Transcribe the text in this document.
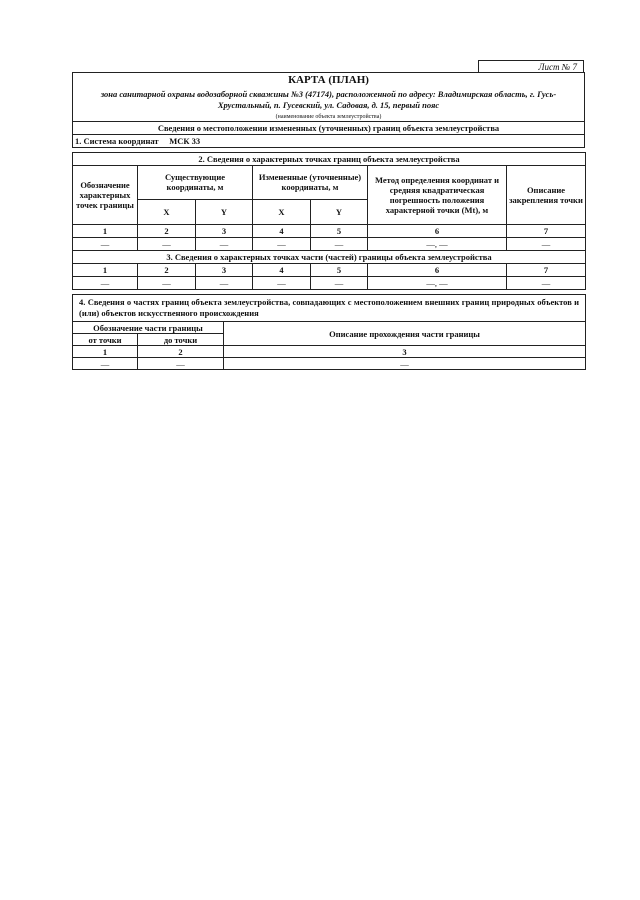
Лист № 7
КАРТА (ПЛАН)
зона санитарной охраны водозаборной скважины №3 (47174), расположенной по адресу: Владимирская область, г. Гусь-Хрустальный, п. Гусевский, ул. Садовая, д. 15, первый пояс
(наименование объекта землеустройства)

Сведения о местоположении измененных (уточненных) границ объекта землеустройства
1. Система координат МСК 33
2. Сведения о характерных точках границ объекта землеустройства						
Обозначение характерных точек границы	Существующие координаты, м		Измененные (уточненные) координаты, м		Метод определения координат и средняя квадратическая погрешность положения характерной точки (Mt), м	Описание закрепления точки
	X	Y	X	Y		
1	2	3	4	5	6	7
—	—	—	—	—	—, —	—
3. Сведения о характерных точках части (частей) границы объекта землеустройства						
1	2	3	4	5	6	7
—	—	—	—	—	—, —	—
4. Сведения о частях границ объекта землеустройства, совпадающих с местоположением внешних границ природных объектов и (или) объектов искусственного происхождения		
Обозначение части границы		Описание прохождения части границы
от точки	до точки	
1	2	3
—	—	—
